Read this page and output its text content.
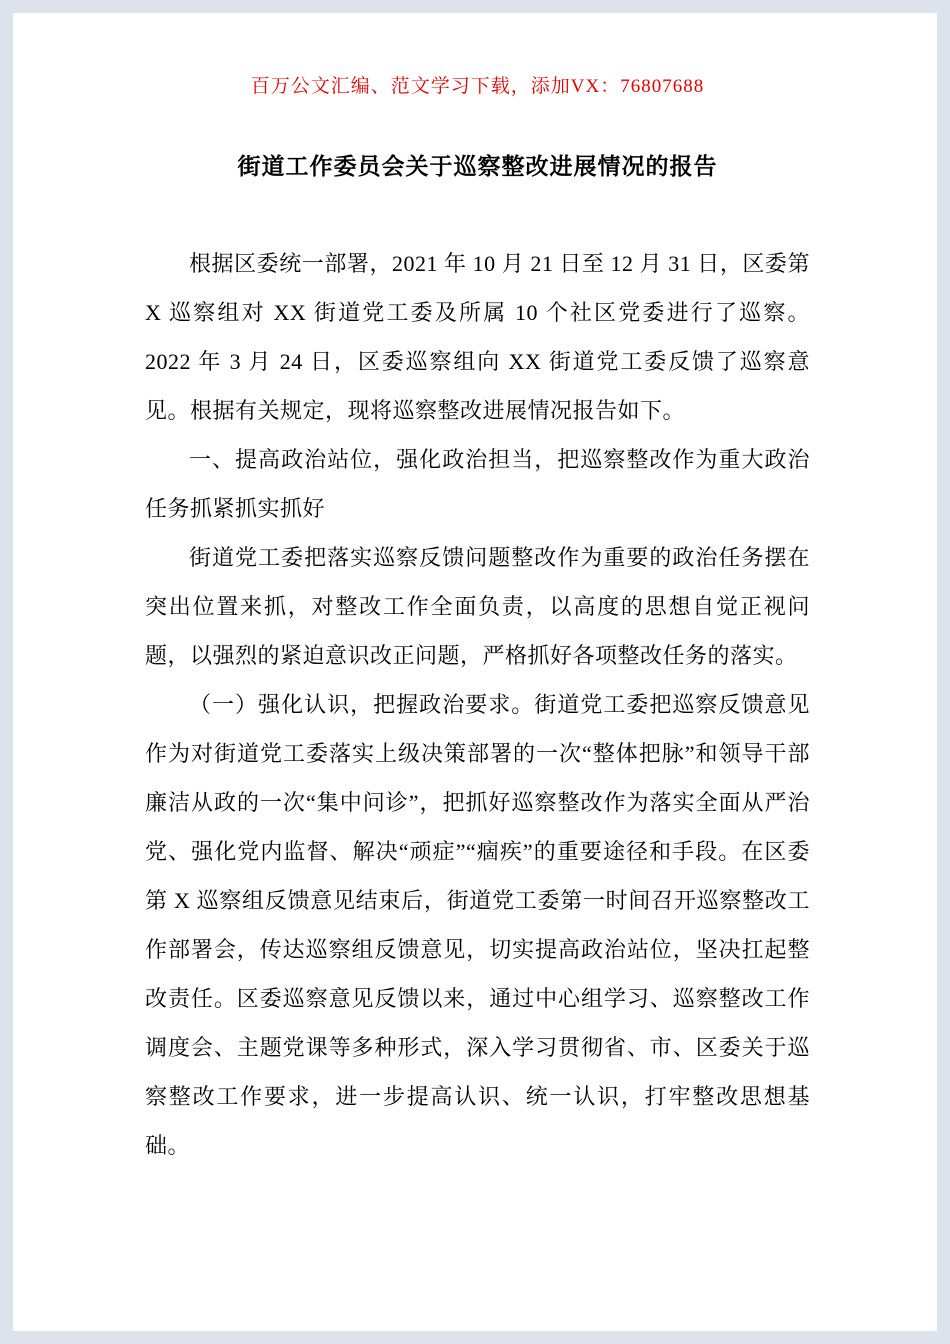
百万公文汇编、范文学习下载，添加VX：76807688
街道工作委员会关于巡察整改进展情况的报告

根据区委统一部署，2021 年 10 月 21 日至 12 月 31 日，区委第 X 巡察组对 XX 街道党工委及所属 10 个社区党委进行了巡察。2022 年 3 月 24 日，区委巡察组向 XX 街道党工委反馈了巡察意见。根据有关规定，现将巡察整改进展情况报告如下。

一、提高政治站位，强化政治担当，把巡察整改作为重大政治任务抓紧抓实抓好

街道党工委把落实巡察反馈问题整改作为重要的政治任务摆在突出位置来抓，对整改工作全面负责，以高度的思想自觉正视问题，以强烈的紧迫意识改正问题，严格抓好各项整改任务的落实。

（一）强化认识，把握政治要求。街道党工委把巡察反馈意见作为对街道党工委落实上级决策部署的一次“整体把脉”和领导干部廉洁从政的一次“集中问诊”，把抓好巡察整改作为落实全面从严治党、强化党内监督、解决“顽症”“痼疾”的重要途径和手段。在区委第 X 巡察组反馈意见结束后，街道党工委第一时间召开巡察整改工作部署会，传达巡察组反馈意见，切实提高政治站位，坚决扛起整改责任。区委巡察意见反馈以来，通过中心组学习、巡察整改工作调度会、主题党课等多种形式，深入学习贯彻省、市、区委关于巡察整改工作要求，进一步提高认识、统一认识，打牢整改思想基础。
